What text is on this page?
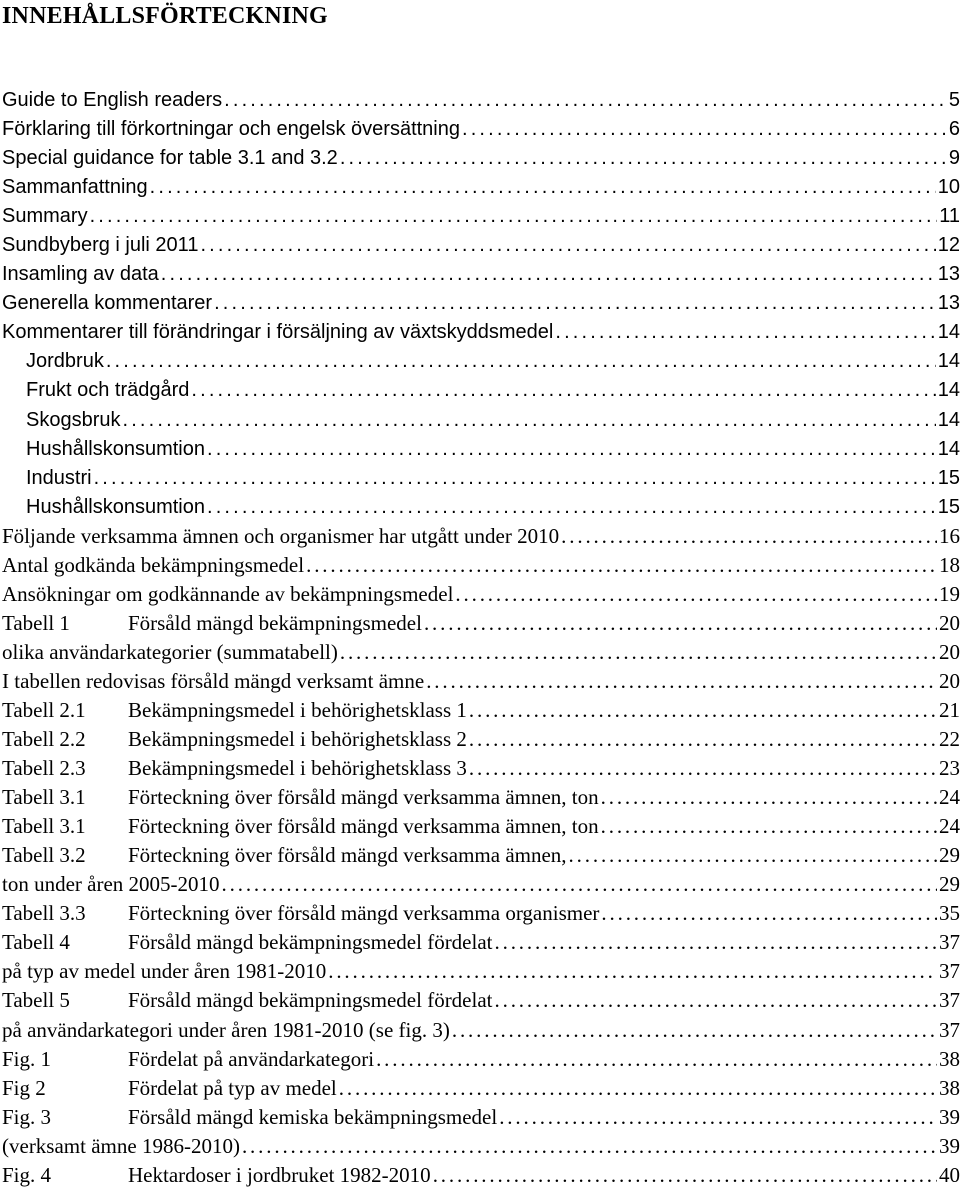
INNEHÅLLSFÖRTECKNING
Guide to English readers . . .	5
Förklaring till förkortningar och engelsk översättning . . .	6
Special guidance for table 3.1 and 3.2 . . .	9
Sammanfattning . . .	10
Summary . . .	11
Sundbyberg i juli 2011 . . .	12
Insamling av data . . .	13
Generella kommentarer . . .	13
Kommentarer till förändringar i försäljning av växtskyddsmedel . . .	14
Jordbruk . . .	14
Frukt och trädgård . . .	14
Skogsbruk . . .	14
Hushållskonsumtion . . .	14
Industri . . .	15
Hushållskonsumtion . . .	15
Följande verksamma ämnen och organismer har utgått under 2010 . . .	16
Antal godkända bekämpningsmedel . . .	18
Ansökningar om godkännande av bekämpningsmedel . . .	19
Tabell 1	Försåld mängd bekämpningsmedel . . .	20
olika användarkategorier (summatabell) . . .	20
I tabellen redovisas försåld mängd verksamt ämne . . .	20
Tabell 2.1 Bekämpningsmedel i behörighetsklass 1 . . .	21
Tabell 2.2 Bekämpningsmedel i behörighetsklass 2 . . .	22
Tabell 2.3 Bekämpningsmedel i behörighetsklass 3 . . .	23
Tabell 3.1 Förteckning över försåld mängd verksamma ämnen, ton . . .	24
Tabell 3.1 Förteckning över försåld mängd verksamma ämnen, ton . . .	24
Tabell 3.2 Förteckning över försåld mängd verksamma ämnen, . . .	29
ton under åren 2005-2010 . . .	29
Tabell 3.3 Förteckning över försåld mängd verksamma organismer . . .	35
Tabell 4	Försåld mängd bekämpningsmedel fördelat . . .	37
på typ av medel under åren 1981-2010 . . .	37
Tabell 5	Försåld mängd bekämpningsmedel fördelat . . .	37
på användarkategori under åren 1981-2010 (se fig. 3) . . .	37
Fig. 1	Fördelat på användarkategori . . .	38
Fig 2	Fördelat på typ av medel . . .	38
Fig. 3	Försåld mängd kemiska bekämpningsmedel . . .	39
(verksamt ämne 1986-2010) . . .	39
Fig. 4	Hektardoser i jordbruket 1982-2010 . . .	40
